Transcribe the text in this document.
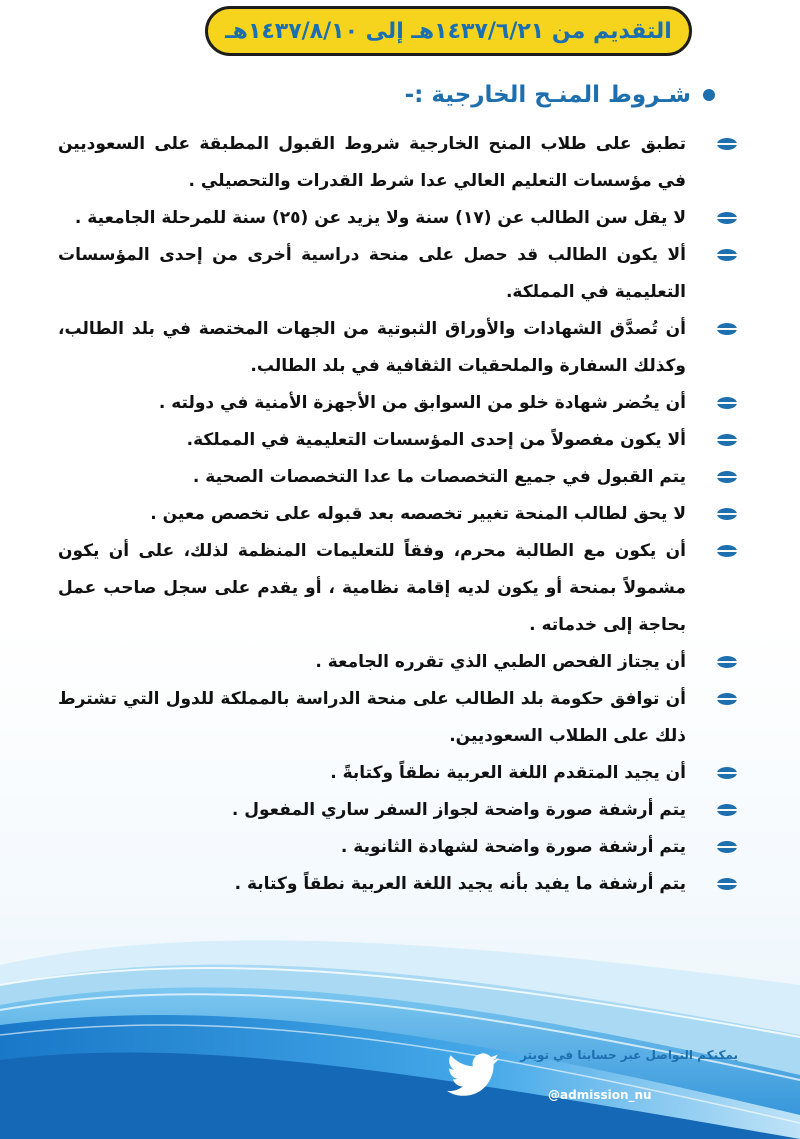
التقديم من ١٤٣٧/٦/٢١هـ إلى ١٤٣٧/٨/١٠هـ
شـروط المنـح الخارجية :-
تطبق على طلاب المنح الخارجية شروط القبول المطبقة على السعوديين في مؤسسات التعليم العالي عدا شرط القدرات والتحصيلي .
لا يقل سن الطالب عن (١٧) سنة ولا يزيد عن (٢٥) سنة للمرحلة الجامعية .
ألا يكون الطالب قد حصل على منحة دراسية أخرى من إحدى المؤسسات التعليمية في المملكة.
أن تُصدَّق الشهادات والأوراق الثبوتية من الجهات المختصة في بلد الطالب، وكذلك السفارة والملحقيات الثقافية في بلد الطالب.
أن يحُضر شهادة خلو من السوابق من الأجهزة الأمنية في دولته .
ألا يكون مفصولاً من إحدى المؤسسات التعليمية في المملكة.
يتم القبول في جميع التخصصات ما عدا التخصصات الصحية .
لا يحق لطالب المنحة تغيير تخصصه بعد قبوله على تخصص معين .
أن يكون مع الطالبة محرم، وفقاً للتعليمات المنظمة لذلك، على أن يكون مشمولاً بمنحة أو يكون لديه إقامة نظامية ، أو يقدم على سجل صاحب عمل بحاجة إلى خدماته .
أن يجتاز الفحص الطبي الذي تقرره الجامعة .
أن توافق حكومة بلد الطالب على منحة الدراسة بالمملكة للدول التي تشترط ذلك على الطلاب السعوديين.
أن يجيد المتقدم اللغة العربية نطقاً وكتابةً .
يتم أرشفة صورة واضحة لجواز السفر ساري المفعول .
يتم أرشفة صورة واضحة لشهادة الثانوية .
يتم أرشفة ما يفيد بأنه يجيد اللغة العربية نطقاً وكتابة .
يمكنكم التواصل عبر حسابنا في تويتر
@admission_nu
